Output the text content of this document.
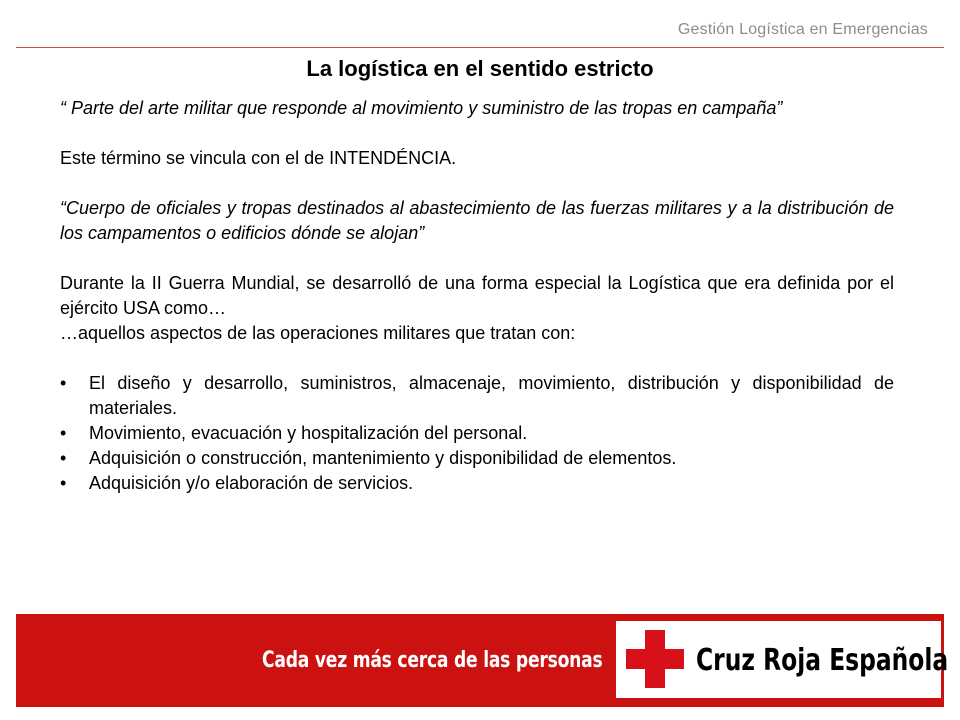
Gestión Logística en Emergencias
La logística en el sentido estricto

“ Parte del arte militar que responde al movimiento y suministro de las tropas en campaña”

Este término se vincula con el de INTENDÉNCIA.

“Cuerpo de oficiales y tropas destinados al abastecimiento de las fuerzas militares y a la distribución de los campamentos o edificios dónde se alojan”

Durante la II Guerra Mundial, se desarrolló de una forma especial la Logística que era definida por el ejército USA como…

…aquellos aspectos de las operaciones militares que tratan con:

• El diseño y desarrollo, suministros, almacenaje, movimiento, distribución y disponibilidad de materiales.
• Movimiento, evacuación y hospitalización del personal.
• Adquisición o construcción, mantenimiento y disponibilidad de elementos.
• Adquisición y/o elaboración de servicios.
Cada vez más cerca de las personas	Cruz Roja Española
